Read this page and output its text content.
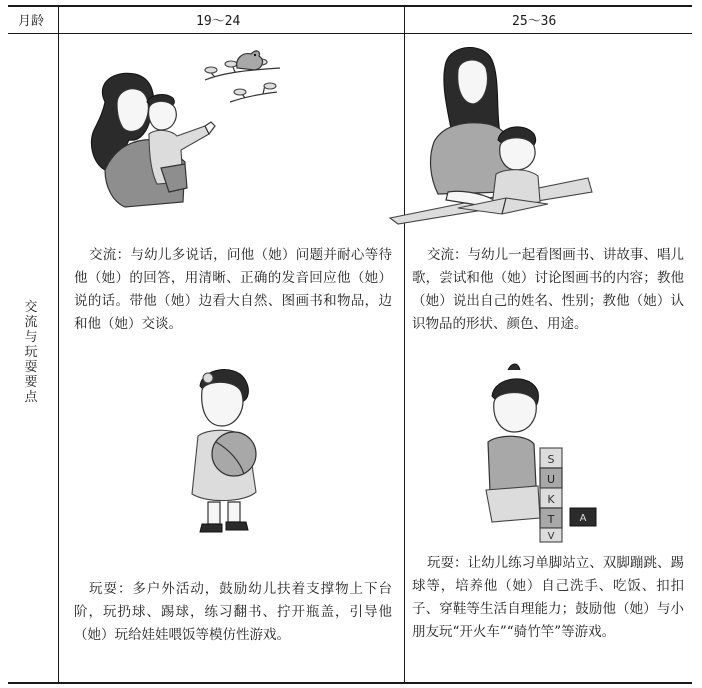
月龄	19～24	25～36
交
流
与
玩
耍
要
点
交流：与幼儿多说话，问他（她）问题并耐心等待他（她）的回答，用清晰、正确的发音回应他（她）说的话。带他（她）边看大自然、图画书和物品，边和他（她）交谈。
交流：与幼儿一起看图画书、讲故事、唱儿歌，尝试和他（她）讨论图画书的内容；教他（她）说出自己的姓名、性别；教他（她）认识物品的形状、颜色、用途。
S
U
K
T
V
A
玩耍：多户外活动，鼓励幼儿扶着支撑物上下台阶，玩扔球、踢球，练习翻书、拧开瓶盖，引导他（她）玩给娃娃喂饭等模仿性游戏。
玩耍：让幼儿练习单脚站立、双脚蹦跳、踢球等，培养他（她）自己洗手、吃饭、扣扣子、穿鞋等生活自理能力；鼓励他（她）与小朋友玩“开火车”“骑竹竿”等游戏。
